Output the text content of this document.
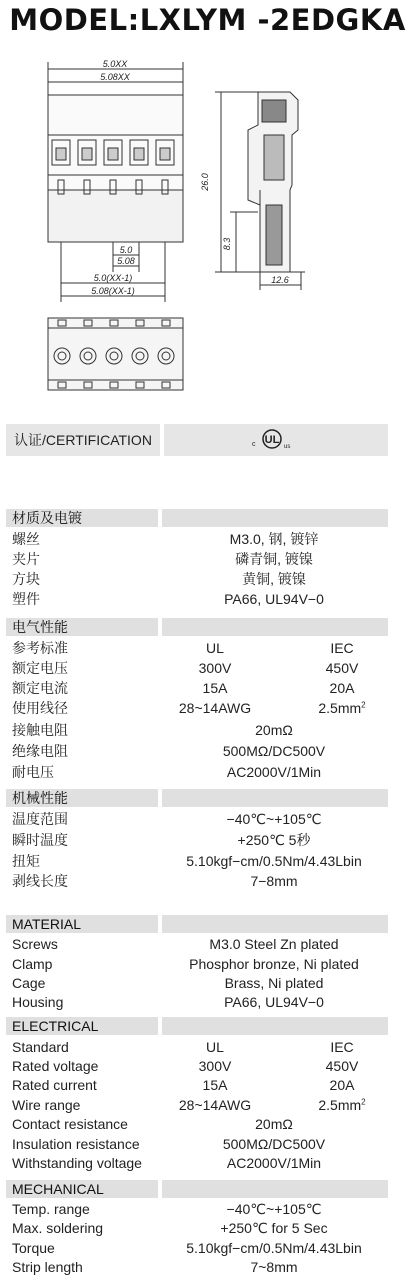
MODEL:LXLYM -2EDGKA
5.0XX
5.08XX
5.0
5.08
5.0(XX-1)
5.08(XX-1)
26.0
8.3
12.6
认证/CERTIFICATION	c UL
us
材质及电镀
螺丝	M3.0, 钢, 镀锌
夹片	磷青铜, 镀镍
方块	黄铜, 镀镍
塑件	PA66, UL94V−0
电气性能
参考标准	UL	IEC
额定电压	300V	450V
额定电流	15A	20A
使用线径	28~14AWG	$2.5mm^2$
接触电阻	20mΩ
绝缘电阻	500MΩ/DC500V
耐电压	AC2000V/1Min
机械性能
温度范围	−40℃~+105℃
瞬时温度	+250℃ 5秒
扭矩	5.10kgf−cm/0.5Nm/4.43Lbin
剥线长度	7−8mm
MATERIAL
Screws	M3.0 Steel Zn plated
Clamp	Phosphor bronze, Ni plated
Cage	Brass, Ni plated
Housing	PA66, UL94V−0
ELECTRICAL
Standard	UL	IEC
Rated voltage	300V	450V
Rated current	15A	20A
Wire range	28~14AWG	$2.5mm^2$
Contact resistance	20mΩ
Insulation resistance	500MΩ/DC500V
Withstanding voltage	AC2000V/1Min
MECHANICAL
Temp. range	−40℃~+105℃
Max. soldering	+250℃ for 5 Sec
Torque	5.10kgf−cm/0.5Nm/4.43Lbin
Strip length	7~8mm
